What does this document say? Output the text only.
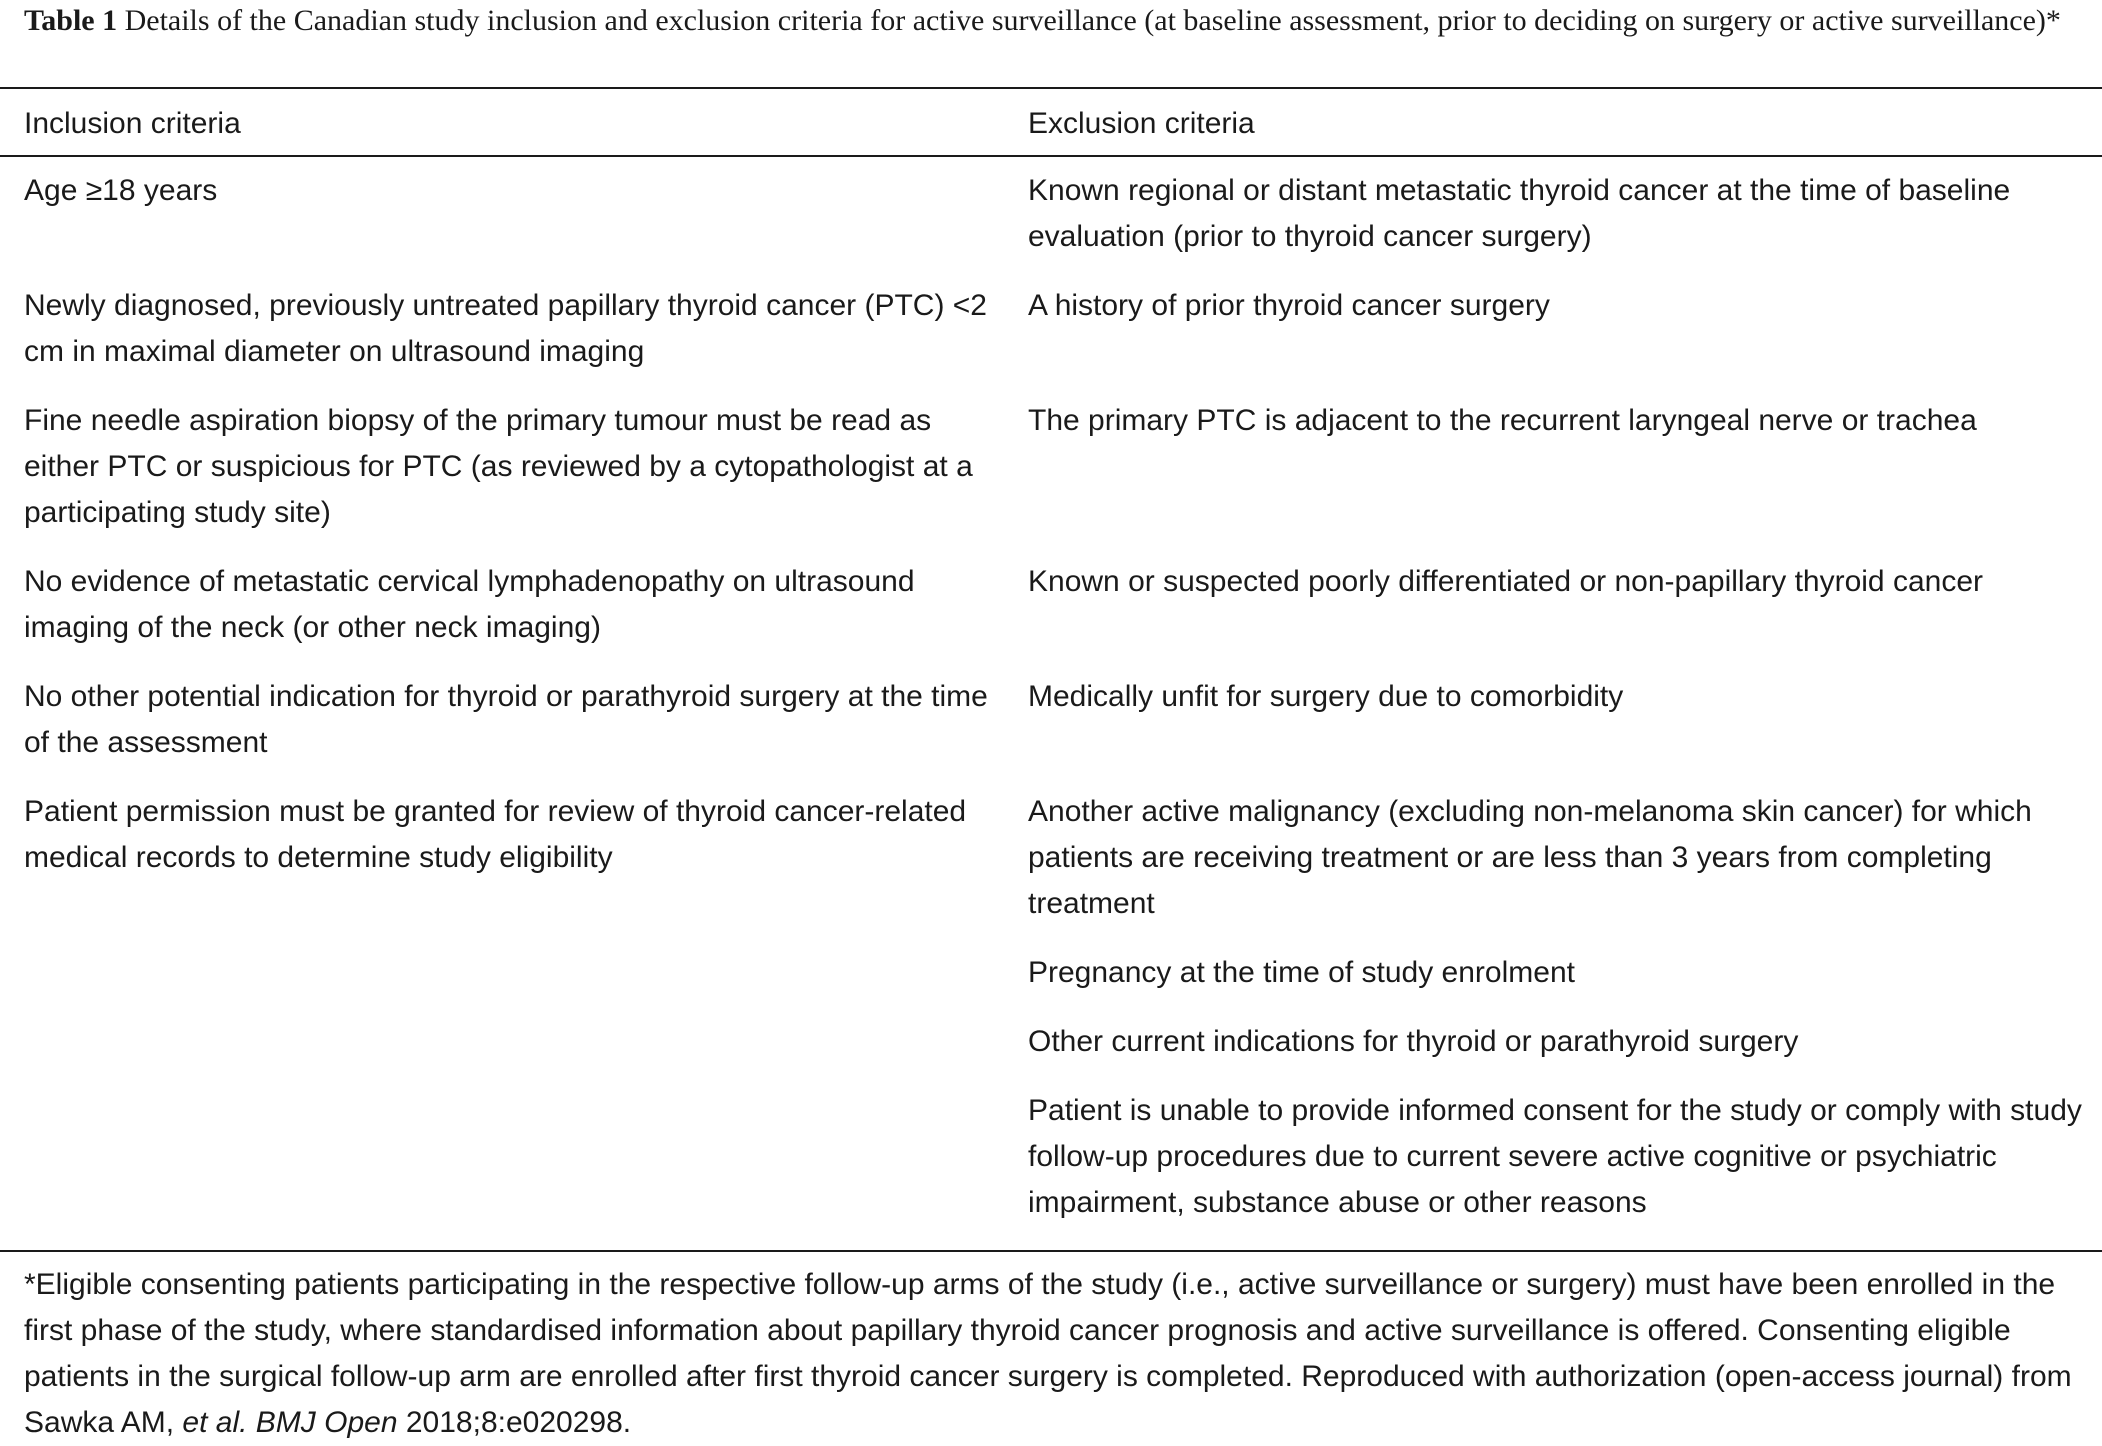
Table 1 Details of the Canadian study inclusion and exclusion criteria for active surveillance (at baseline assessment, prior to deciding on surgery or active surveillance)*
Inclusion criteria	Exclusion criteria
Age ≥18 years
Newly diagnosed, previously untreated papillary thyroid cancer (PTC) <2 cm in maximal diameter on ultrasound imaging
Fine needle aspiration biopsy of the primary tumour must be read as either PTC or suspicious for PTC (as reviewed by a cytopathologist at a participating study site)
No evidence of metastatic cervical lymphadenopathy on ultrasound imaging of the neck (or other neck imaging)
No other potential indication for thyroid or parathyroid surgery at the time of the assessment
Patient permission must be granted for review of thyroid cancer-related medical records to determine study eligibility
Known regional or distant metastatic thyroid cancer at the time of baseline evaluation (prior to thyroid cancer surgery)
A history of prior thyroid cancer surgery
The primary PTC is adjacent to the recurrent laryngeal nerve or trachea
Known or suspected poorly differentiated or non-papillary thyroid cancer
Medically unfit for surgery due to comorbidity
Another active malignancy (excluding non-melanoma skin cancer) for which patients are receiving treatment or are less than 3 years from completing treatment
Pregnancy at the time of study enrolment
Other current indications for thyroid or parathyroid surgery
Patient is unable to provide informed consent for the study or comply with study follow-up procedures due to current severe active cognitive or psychiatric impairment, substance abuse or other reasons
*Eligible consenting patients participating in the respective follow-up arms of the study (i.e., active surveillance or surgery) must have been enrolled in the first phase of the study, where standardised information about papillary thyroid cancer prognosis and active surveillance is offered. Consenting eligible patients in the surgical follow-up arm are enrolled after first thyroid cancer surgery is completed. Reproduced with authorization (open-access journal) from Sawka AM, et al. BMJ Open 2018;8:e020298.
